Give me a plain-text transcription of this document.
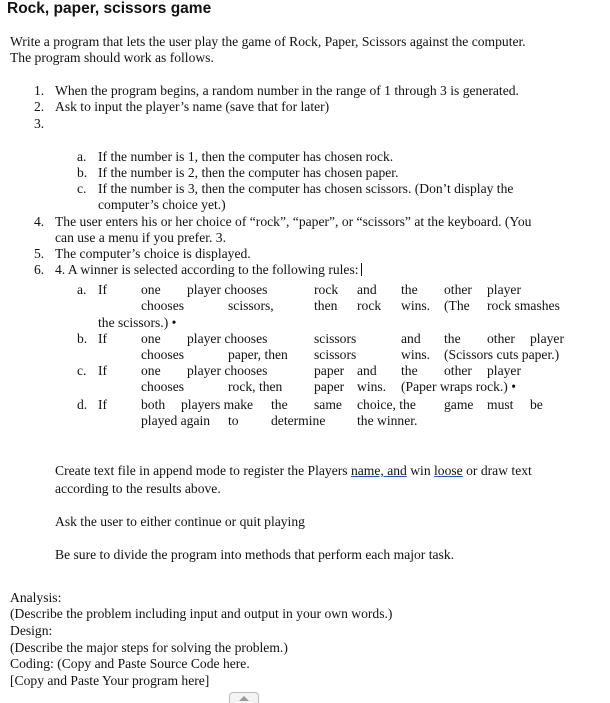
Rock, paper, scissors game
Write a program that lets the user play the game of Rock, Paper, Scissors against the computer.
The program should work as follows.
1. When the program begins, a random number in the range of 1 through 3 is generated.
2. Ask to input the player’s name (save that for later)
3.
a. If the number is 1, then the computer has chosen rock.
b. If the number is 2, then the computer has chosen paper.
c. If the number is 3, then the computer has chosen scissors. (Don’t display the
computer’s choice yet.)
4. The user enters his or her choice of “rock”, “paper”, or “scissors” at the keyboard. (You
can use a menu if you prefer. 3.
5. The computer’s choice is displayed.
6. 4. A winner is selected according to the following rules:
a. If one player chooses	rock and the other player
chooses	scissors,	then rock wins. (The rock smashes
the scissors.) •
b. If one player chooses	scissors	and the other player
chooses	paper, then scissors	wins. (Scissors cuts paper.)
c. If one player chooses	paper and the other player
chooses	rock, then paper wins. (Paper wraps rock.) •
d. If both players make the same choice, the game must be
played again to determine the winner.
Create text file in append mode to register the Players name, and win loose or draw text
according to the results above.
Ask the user to either continue or quit playing
Be sure to divide the program into methods that perform each major task.
Analysis:
(Describe the problem including input and output in your own words.)
Design:
(Describe the major steps for solving the problem.)
Coding: (Copy and Paste Source Code here.
[Copy and Paste Your program here]
